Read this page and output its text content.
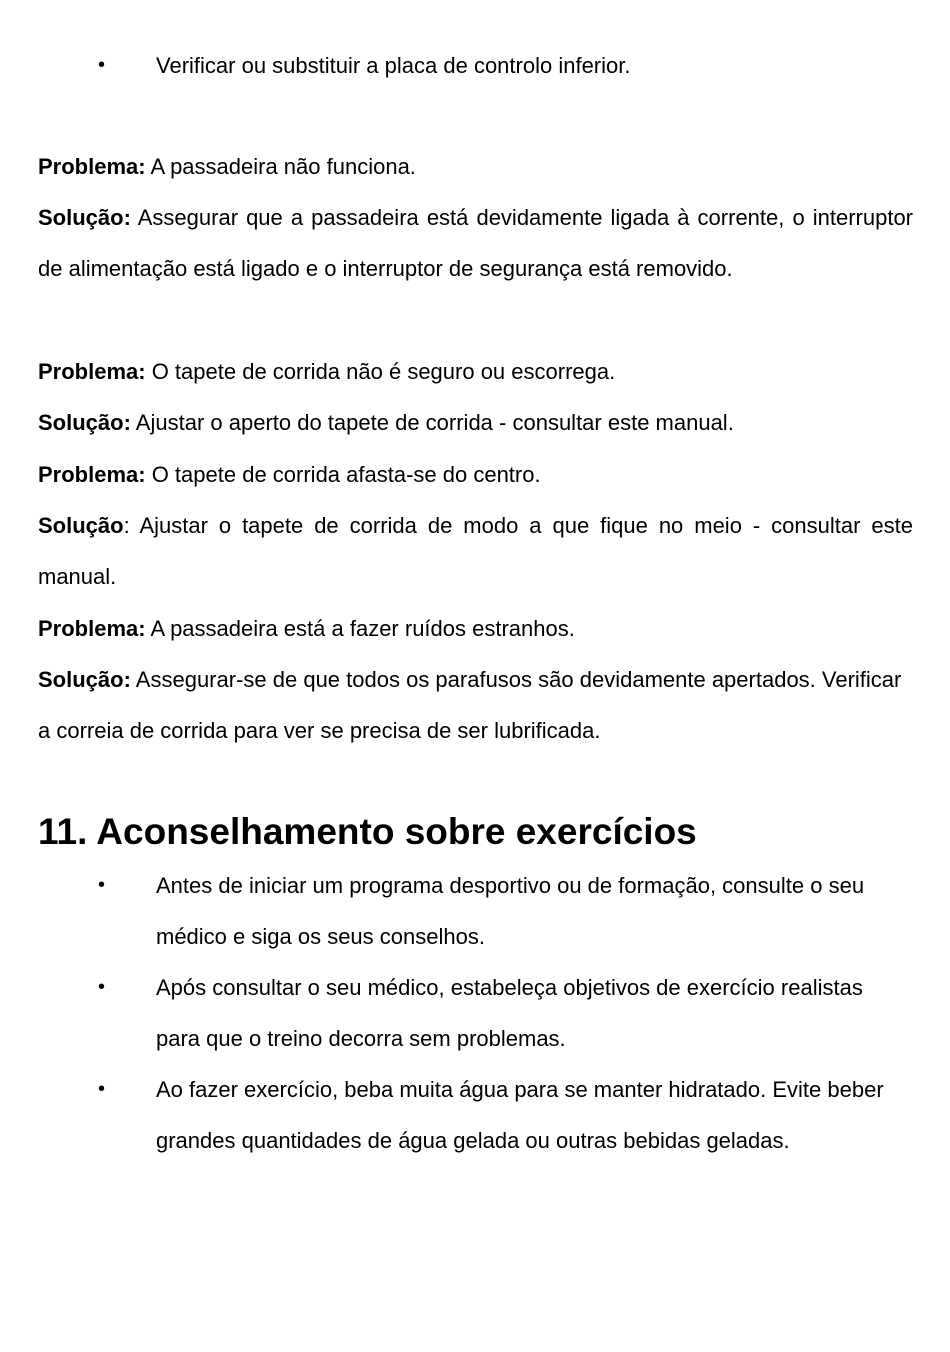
•	Verificar ou substituir a placa de controlo inferior.
Problema: A passadeira não funciona.
Solução: Assegurar que a passadeira está devidamente ligada à corrente, o interruptor de alimentação está ligado e o interruptor de segurança está removido.
Problema: O tapete de corrida não é seguro ou escorrega.
Solução: Ajustar o aperto do tapete de corrida - consultar este manual.
Problema: O tapete de corrida afasta-se do centro.
Solução: Ajustar o tapete de corrida de modo a que fique no meio - consultar este manual.
Problema: A passadeira está a fazer ruídos estranhos.
Solução: Assegurar-se de que todos os parafusos são devidamente apertados. Verificar a correia de corrida para ver se precisa de ser lubrificada.
11. Aconselhamento sobre exercícios
•	Antes de iniciar um programa desportivo ou de formação, consulte o seu médico e siga os seus conselhos.
•	Após consultar o seu médico, estabeleça objetivos de exercício realistas para que o treino decorra sem problemas.
•	Ao fazer exercício, beba muita água para se manter hidratado. Evite beber grandes quantidades de água gelada ou outras bebidas geladas.
